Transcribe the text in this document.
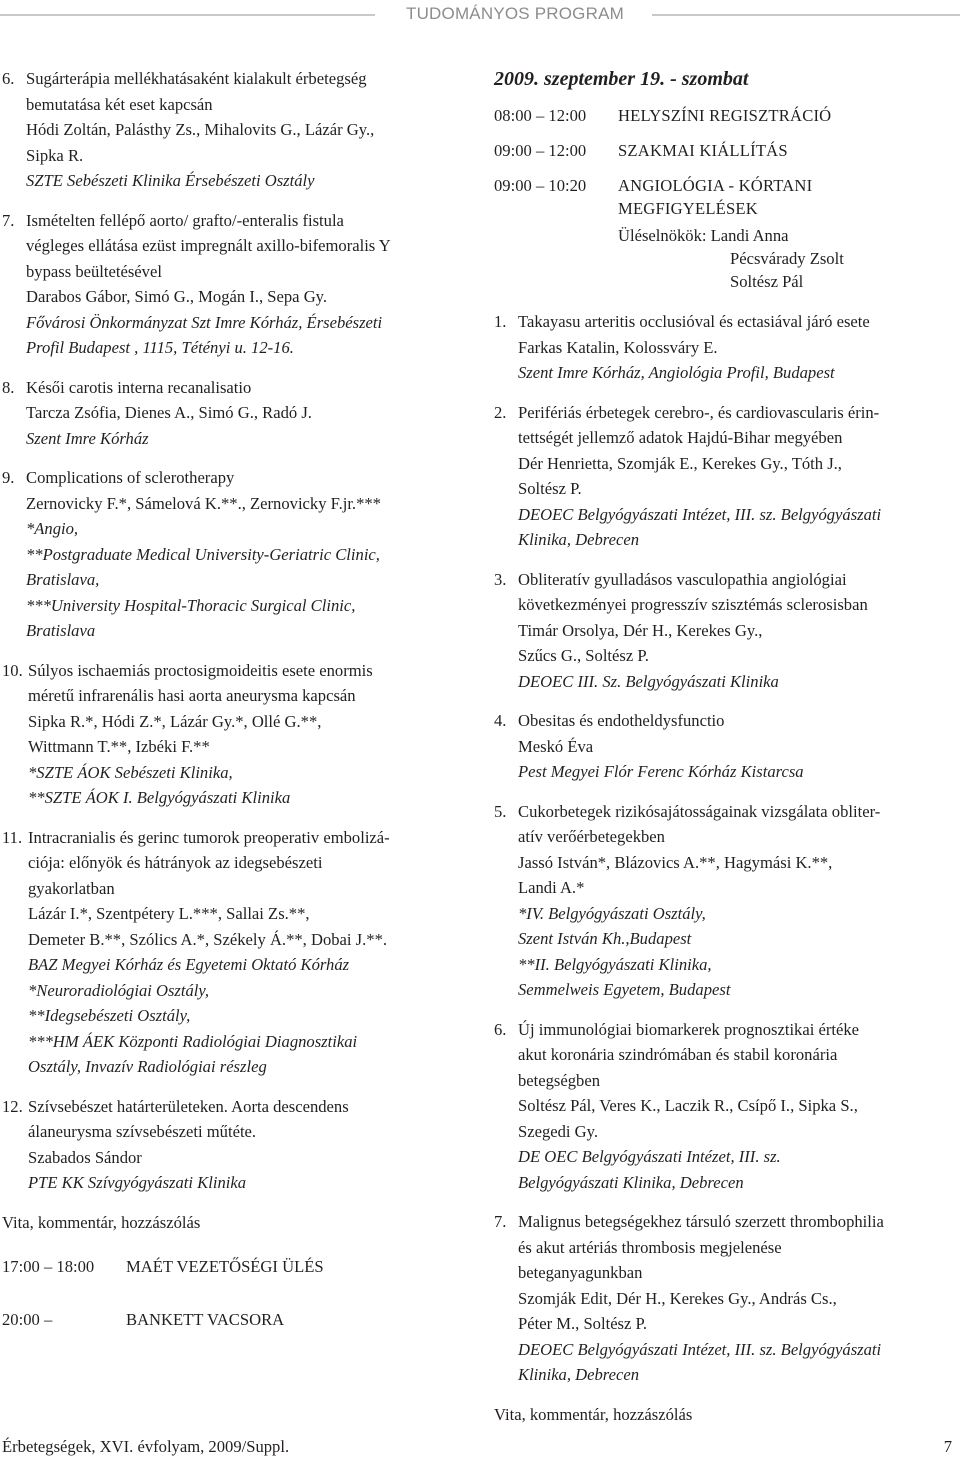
TUDOMÁNYOS PROGRAM
6. Sugárterápia mellékhatásaként kialakult érbetegség

bemutatása két eset kapcsán

Hódi Zoltán, Palásthy Zs., Mihalovits G., Lázár Gy.,

Sipka R.

SZTE Sebészeti Klinika Érsebészeti Osztály

7. Ismételten fellépő aorto/ grafto/-enteralis fistula

végleges ellátása ezüst impregnált axillo-bifemoralis Y

bypass beültetésével

Darabos Gábor, Simó G., Mogán I., Sepa Gy.

Fővárosi Önkormányzat Szt Imre Kórház, Érsebészeti

Profil Budapest , 1115, Tétényi u. 12-16.

8. Késői carotis interna recanalisatio

Tarcza Zsófia, Dienes A., Simó G., Radó J.

Szent Imre Kórház

9. Complications of sclerotherapy

Zernovicky F.*, Sámelová K.**., Zernovicky F.jr.***

*Angio,

**Postgraduate Medical University-Geriatric Clinic,

Bratislava,

***University Hospital-Thoracic Surgical Clinic,

Bratislava

10. Súlyos ischaemiás proctosigmoideitis esete enormis

méretű infrarenális hasi aorta aneurysma kapcsán

Sipka R.*, Hódi Z.*, Lázár Gy.*, Ollé G.**,

Wittmann T.**, Izbéki F.**

*SZTE ÁOK Sebészeti Klinika,

**SZTE ÁOK I. Belgyógyászati Klinika

11. Intracranialis és gerinc tumorok preoperativ embolizá-

ciója: előnyök és hátrányok az idegsebészeti

gyakorlatban

Lázár I.*, Szentpétery L.***, Sallai Zs.**,

Demeter B.**, Szólics A.*, Székely Á.**, Dobai J.**.

BAZ Megyei Kórház és Egyetemi Oktató Kórház

*Neuroradiológiai Osztály,

**Idegsebészeti Osztály,

***HM ÁEK Központi Radiológiai Diagnosztikai

Osztály, Invazív Radiológiai részleg

12. Szívsebészet határterületeken. Aorta descendens

álaneurysma szívsebészeti műtéte.

Szabados Sándor

PTE KK Szívgyógyászati Klinika

Vita, kommentár, hozzászólás
17:00 – 18:00	MAÉT VEZETŐSÉGI ÜLÉS
20:00 –	BANKETT VACSORA
2009. szeptember 19. - szombat
08:00 – 12:00	HELYSZÍNI REGISZTRÁCIÓ
09:00 – 12:00	SZAKMAI KIÁLLÍTÁS
09:00 – 10:20	ANGIOLÓGIA - KÓRTANI
MEGFIGYELÉSEK
Üléselnökök: Landi Anna
Pécsvárady Zsolt
Soltész Pál
1. Takayasu arteritis occlusióval és ectasiával járó esete

Farkas Katalin, Kolossváry E.

Szent Imre Kórház, Angiológia Profil, Budapest

2. Perifériás érbetegek cerebro-, és cardiovascularis érin-

tettségét jellemző adatok Hajdú-Bihar megyében

Dér Henrietta, Szomják E., Kerekes Gy., Tóth J.,

Soltész P.

DEOEC Belgyógyászati Intézet, III. sz. Belgyógyászati

Klinika, Debrecen

3. Obliteratív gyulladásos vasculopathia angiológiai

következményei progresszív szisztémás sclerosisban

Timár Orsolya, Dér H., Kerekes Gy.,

Szűcs G., Soltész P.

DEOEC III. Sz. Belgyógyászati Klinika

4. Obesitas és endotheldysfunctio

Meskó Éva

Pest Megyei Flór Ferenc Kórház Kistarcsa

5. Cukorbetegek rizikósajátosságainak vizsgálata obliter-

atív verőérbetegekben

Jassó István*, Blázovics A.**, Hagymási K.**,

Landi A.*

*IV. Belgyógyászati Osztály,

Szent István Kh.,Budapest

**II. Belgyógyászati Klinika,

Semmelweis Egyetem, Budapest

6. Új immunológiai biomarkerek prognosztikai értéke

akut koronária szindrómában és stabil koronária

betegségben

Soltész Pál, Veres K., Laczik R., Csípő I., Sipka S.,

Szegedi Gy.

DE OEC Belgyógyászati Intézet, III. sz.

Belgyógyászati Klinika, Debrecen

7. Malignus betegségekhez társuló szerzett thrombophilia

és akut artériás thrombosis megjelenése

beteganyagunkban

Szomják Edit, Dér H., Kerekes Gy., András Cs.,

Péter M., Soltész P.

DEOEC Belgyógyászati Intézet, III. sz. Belgyógyászati

Klinika, Debrecen

Vita, kommentár, hozzászólás
Érbetegségek, XVI. évfolyam, 2009/Suppl.	7
